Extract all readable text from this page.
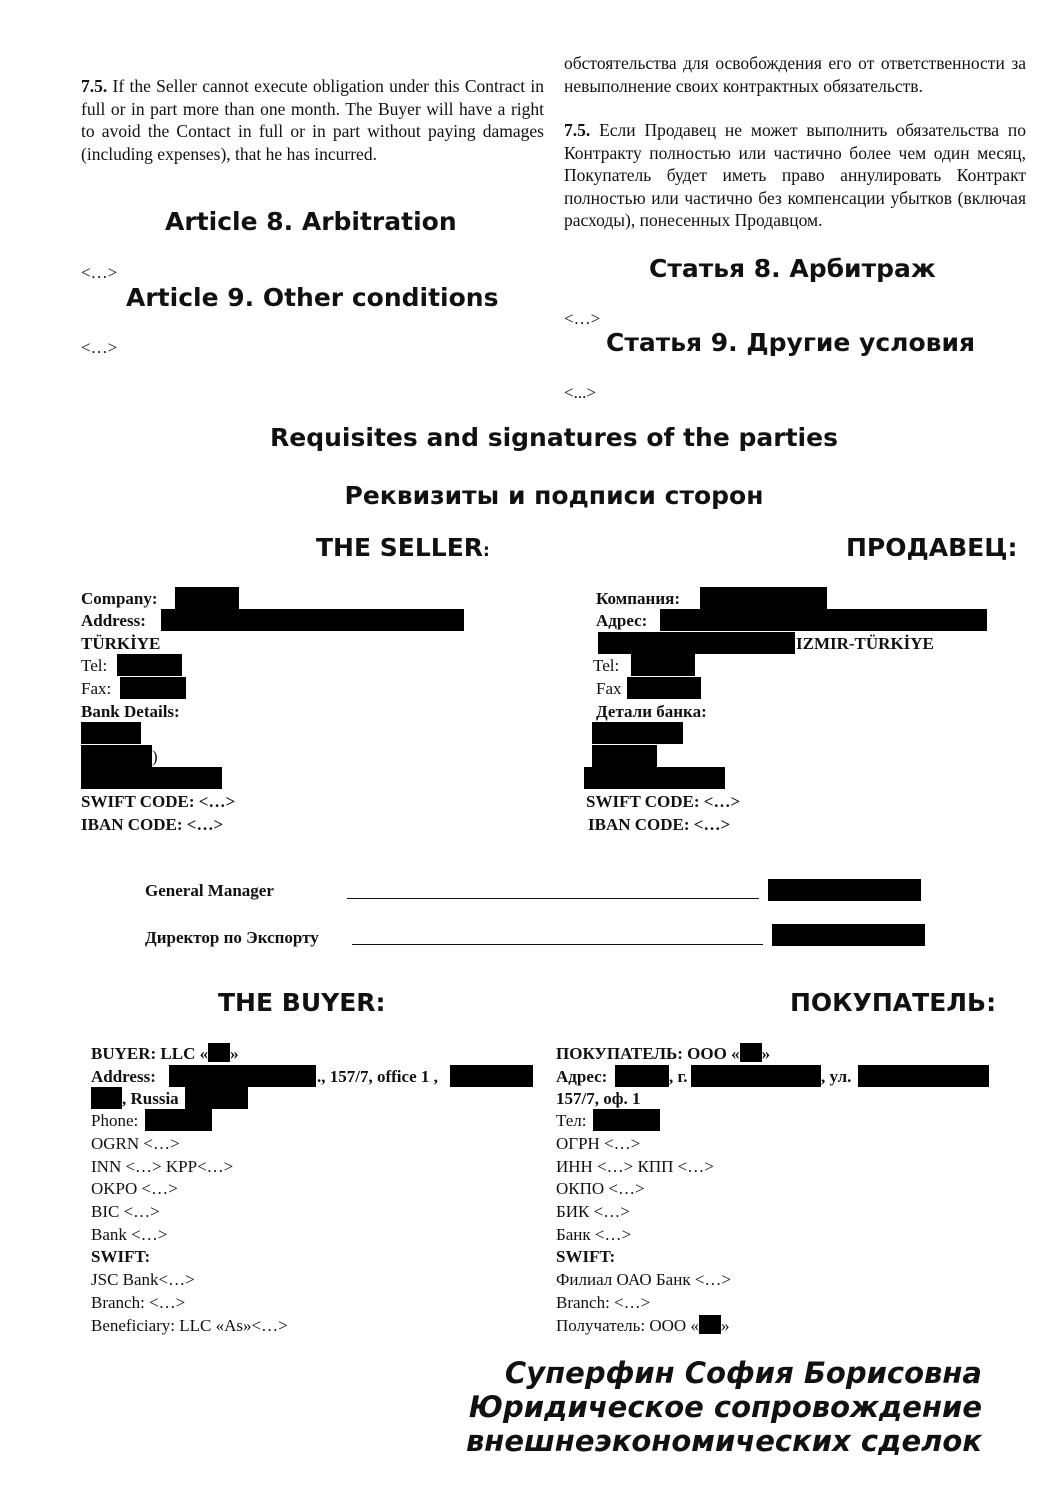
7.5. If the Seller cannot execute obligation under this Contract in full or in part more than one month. The Buyer will have a right to avoid the Contact in full or in part without paying damages (including expenses), that he has incurred.
Article 8. Arbitration
<…>
Article 9. Other conditions
<…>
обстоятельства для освобождения его от ответственности за невыполнение своих контрактных обязательств.
7.5. Если Продавец не может выполнить обязательства по Контракту полностью или частично более чем один месяц, Покупатель будет иметь право аннулировать Контракт полностью или частично без компенсации убытков (включая расходы), понесенных Продавцом.
Статья 8. Арбитраж
<…>
Статья 9. Другие условия
<...>
Requisites and signatures of the parties
Реквизиты и подписи сторон
THE SELLER:	ПРОДАВЕЦ:
Company:
Address:
TÜRKİYE
Tel:
Fax:
Bank Details:
)
SWIFT CODE: <…>
IBAN CODE: <…>
Компания:
Адрес:
IZMIR-TÜRKİYE
Tel:
Fax
Детали банка:
SWIFT CODE: <…>
IBAN CODE: <…>
General Manager
Директор по Экспорту
THE BUYER:	ПОКУПАТЕЛЬ:
BUYER: LLC « »
Address:	., 157/7, office 1 ,
, Russia
Phone:
OGRN <…>
INN <…> KPP<…>
OKPO <…>
BIC <…>
Bank <…>
SWIFT:
JSC Bank<…>
Branch: <…>
Beneficiary: LLC «As»<…>
ПОКУПАТЕЛЬ: ООО « »
Адрес:	, г.	, ул.
157/7, оф. 1
Тел:
ОГРН <…>
ИНН <…> КПП <…>
ОКПО <…>
БИК <…>
Банк <…>
SWIFT:
Филиал ОАО Банк <…>
Branch: <…>
Получатель: ООО « »
Суперфин София Борисовна
Юридическое сопровождение
внешнеэкономических сделок
